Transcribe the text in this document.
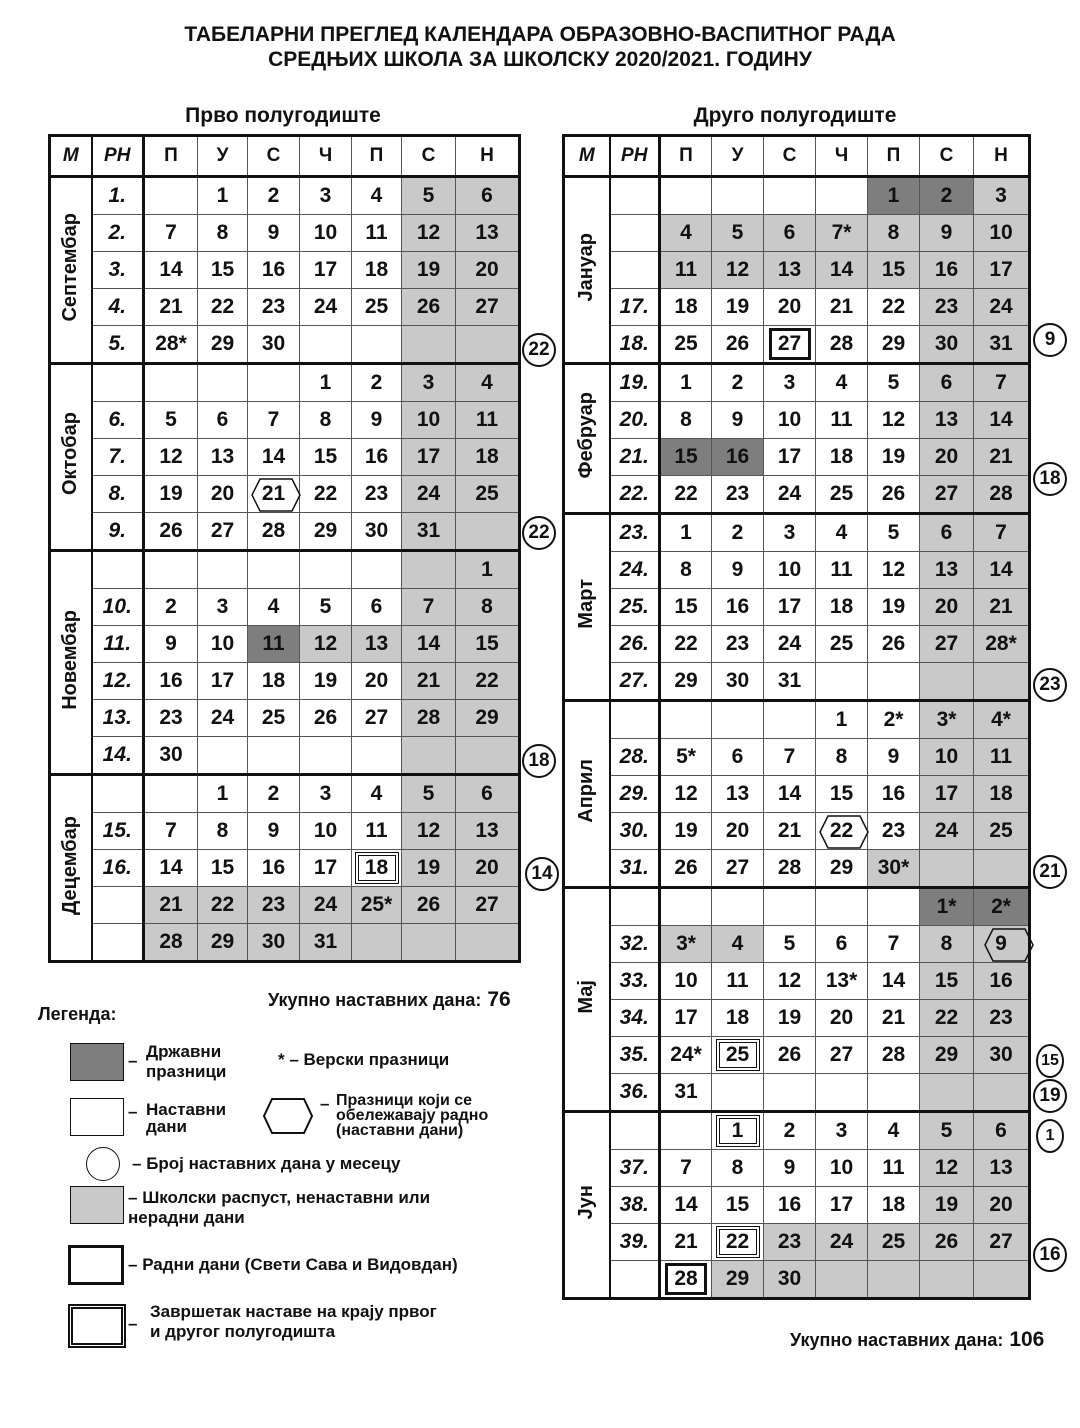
ТАБЕЛАРНИ ПРЕГЛЕД КАЛЕНДАРА ОБРАЗОВНО-ВАСПИТНОГ РАДА
СРЕДЊИХ ШКОЛА ЗА ШКОЛСКУ 2020/2021. ГОДИНУ
Прво полугодиште	Друго полугодиште
М	РН	П	У	С	Ч	П	С	Н
Септембар	1.		1	2	3	4	5	6
	2.	7	8	9	10	11	12	13
	3.	14	15	16	17	18	19	20
	4.	21	22	23	24	25	26	27
	5.	28*	29	30				
Октобар					1	2	3	4
	6.	5	6	7	8	9	10	11
	7.	12	13	14	15	16	17	18
	8.	19	20	21	22	23	24	25
	9.	26	27	28	29	30	31	
Новембар								1
	10.	2	3	4	5	6	7	8
	11.	9	10	11	12	13	14	15
	12.	16	17	18	19	20	21	22
	13.	23	24	25	26	27	28	29
	14.	30						
Децембар			1	2	3	4	5	6
	15.	7	8	9	10	11	12	13
	16.	14	15	16	17	18	19	20
		21	22	23	24	25*	26	27
		28	29	30	31			
М	РН	П	У	С	Ч	П	С	Н
Јануар						1	2	3
		4	5	6	7*	8	9	10
		11	12	13	14	15	16	17
	17.	18	19	20	21	22	23	24
	18.	25	26	27	28	29	30	31
Фебруар	19.	1	2	3	4	5	6	7
	20.	8	9	10	11	12	13	14
	21.	15	16	17	18	19	20	21
	22.	22	23	24	25	26	27	28
Март	23.	1	2	3	4	5	6	7
	24.	8	9	10	11	12	13	14
	25.	15	16	17	18	19	20	21
	26.	22	23	24	25	26	27	28*
	27.	29	30	31				
Април					1	2*	3*	4*
	28.	5*	6	7	8	9	10	11
	29.	12	13	14	15	16	17	18
	30.	19	20	21	22	23	24	25
	31.	26	27	28	29	30*		
Мај							1*	2*
	32.	3*	4	5	6	7	8	9
	33.	10	11	12	13*	14	15	16
	34.	17	18	19	20	21	22	23
	35.	24*	25	26	27	28	29	30
	36.	31						
Јун			1	2	3	4	5	6
	37.	7	8	9	10	11	12	13
	38.	14	15	16	17	18	19	20
	39.	21	22	23	24	25	26	27
		28	29	30				
22
22
18
14
9
18
23
21
15
19
1
16
Укупно наставних дана: 76
Укупно наставних дана: 106
Легенда:
– Државни празници
* – Верски празници
– Наставни дани
– Празници који се обележавају радно (наставни дани)
– Број наставних дана у месецу
– Школски распуст, ненаставни или нерадни дани
– Радни дани (Свети Сава и Видовдан)
–
Завршетак наставе на крају првог и другог полугодишта
